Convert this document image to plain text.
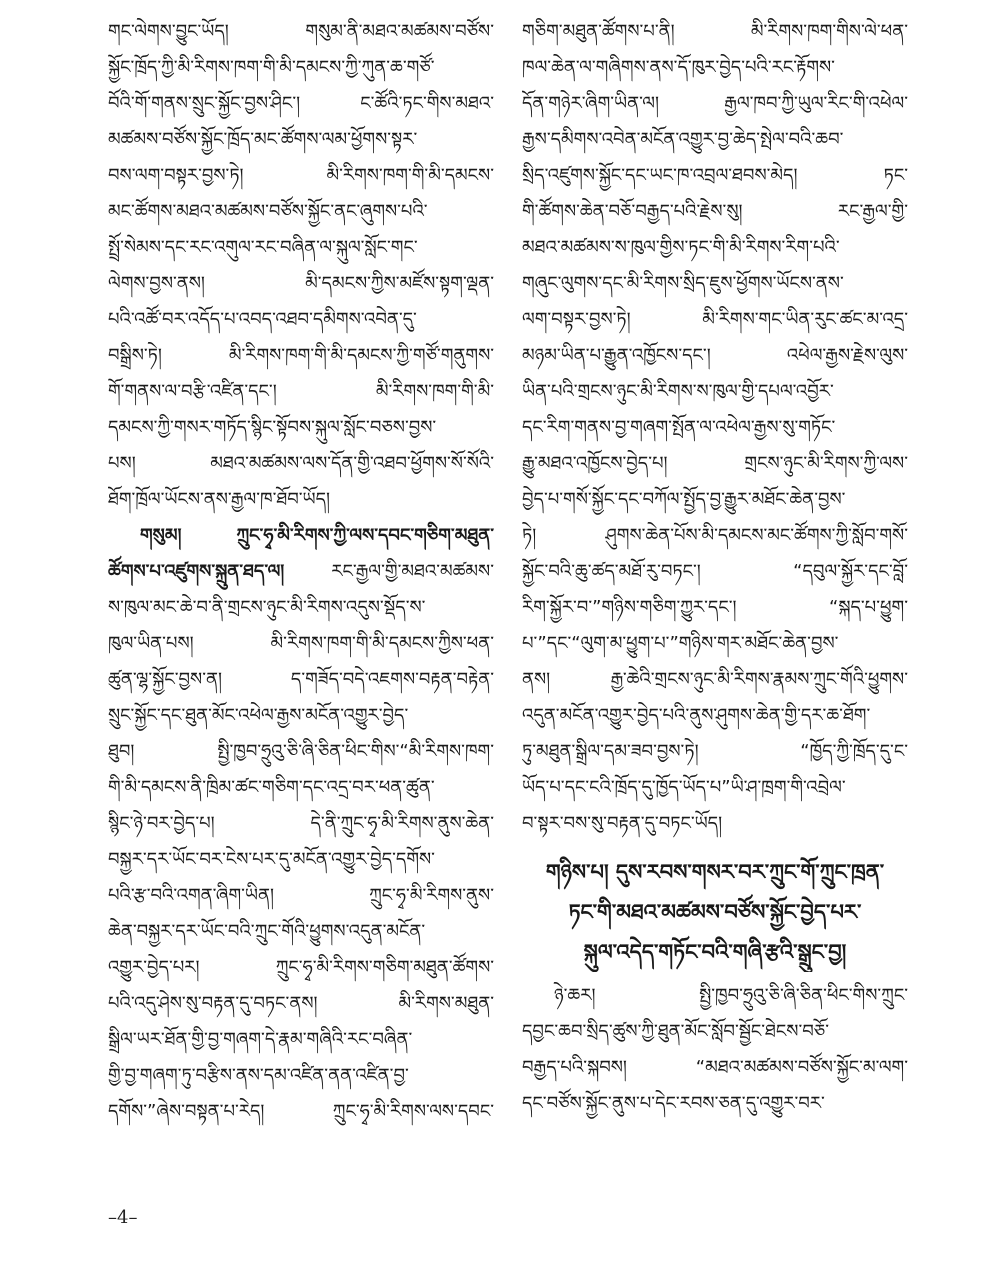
གང་ལེགས་བྱུང་ཡོད། གསུམ་ནི་མཐའ་མཚམས་བཙོས་
སྐྱོང་ཁྲོད་ཀྱི་མི་རིགས་ཁག་གི་མི་དམངས་ཀྱི་ཀུན་ཆ་གཙོ་
བོའི་གོ་གནས་སྲུང་སྐྱོང་བྱས་ཤིང་། ང་ཚོའི་ཏང་གིས་མཐའ་
མཚམས་བཙོས་སྐྱོང་ཁྲོད་མང་ཚོགས་ལམ་ཕྱོགས་སྟར་
བས་ལག་བསྟར་བྱས་ཏེ། མི་རིགས་ཁག་གི་མི་དམངས་
མང་ཚོགས་མཐའ་མཚམས་བཙོས་སྐྱོང་ནང་ཞུགས་པའི་
སྤྲོ་སེམས་དང་རང་འགུལ་རང་བཞིན་ལ་སྐུལ་སློང་གང་
ལེགས་བྱས་ནས། མི་དམངས་ཀྱིས་མཛོས་སྟག་ལྡན་
པའི་འཚོ་བར་འདོད་པ་འབད་འཐབ་དམིགས་འབེན་དུ་
བསྒྲིས་ཏེ། མི་རིགས་ཁག་གི་མི་དམངས་ཀྱི་གཙོ་གནུགས་
གོ་གནས་ལ་བརྩི་འཛིན་དང་། མི་རིགས་ཁག་གི་མི་
དམངས་ཀྱི་གསར་གཏོད་སྙིང་སྟོབས་སྐུལ་སློང་བཅས་བྱས་
པས། མཐའ་མཚམས་ལས་དོན་གྱི་འཐབ་ཕྱོགས་སོ་སོའི་
ཐོག་ཁྲོལ་ཡོངས་ནས་རྒྱལ་ཁ་ཐོབ་ཡོད།
གསུམ། ཀྲུང་ཧྭ་མི་རིགས་ཀྱི་ལས་དབང་གཅིག་མཐུན་
ཚོགས་པ་འཛུགས་སྐྲུན་ཐད་ལ། རང་རྒྱལ་གྱི་མཐའ་མཚམས་
ས་ཁུལ་མང་ཆེ་བ་ནི་གྲངས་ཉུང་མི་རིགས་འདུས་སྡོད་ས་
ཁུལ་ཡིན་པས། མི་རིགས་ཁག་གི་མི་དམངས་ཀྱིས་ཕན་
ཚུན་ལྷ་སྐྱོང་བྱས་ན། ད་གཟོད་བདེ་འཇགས་བརྟན་བརྟེན་
སྲུང་སྐྱོང་དང་ཐུན་མོང་འཕེལ་རྒྱས་མངོན་འགྱུར་བྱེད་
ཐུབ། སྤྱི་ཁྱབ་ཧྲུའུ་ཅི་ཞི་ཅིན་ཕིང་གིས་“མི་རིགས་ཁག་
གི་མི་དམངས་ནི་ཁྲིམ་ཚང་གཅིག་དང་འདྲ་བར་ཕན་ཚུན་
སྙིང་ཉེ་བར་བྱེད་པ། དེ་ནི་ཀྲུང་ཧྭ་མི་རིགས་ནུས་ཆེན་
བསྐྱར་དར་ཡོང་བར་ངེས་པར་དུ་མངོན་འགྱུར་བྱེད་དགོས་
པའི་རྩ་བའི་འགན་ཞིག་ཡིན། ཀྲུང་ཧྭ་མི་རིགས་ནུས་
ཆེན་བསྐྱར་དར་ཡོང་བའི་ཀྲུང་གོའི་ཕྱུགས་འདུན་མངོན་
འགྱུར་བྱེད་པར། ཀྲུང་ཧྭ་མི་རིགས་གཅིག་མཐུན་ཚོགས་
པའི་འདུ་ཤེས་སུ་བརྟན་དུ་བཏང་ནས། མི་རིགས་མཐུན་
སྒྲིལ་ཡར་ཐོན་གྱི་བྱ་གཞག་དེ་རྣམ་གཞིའི་རང་བཞིན་
གྱི་བྱ་གཞག་ཏུ་བརྩིས་ནས་དམ་འཛིན་ནན་འཛིན་བྱ་
དགོས་”ཞེས་བསྟན་པ་རེད། ཀྲུང་ཧྭ་མི་རིགས་ལས་དབང་
གཅིག་མཐུན་ཚོགས་པ་ནི། མི་རིགས་ཁག་གིས་ལེ་ཕན་
ཁལ་ཆེན་ལ་གཞིགས་ནས་དོ་ཁུར་བྱེད་པའི་རང་རྟོགས་
དོན་གཉེར་ཞིག་ཡིན་ལ། རྒྱལ་ཁབ་ཀྱི་ཡུལ་རིང་གི་འཕེལ་
རྒྱས་དམིགས་འབེན་མངོན་འགྱུར་བྱ་ཆེད་སྤེལ་བའི་ཆབ་
སྲིད་འཛུགས་སྐྱོང་དང་ཡང་ཁ་འབྲལ་ཐབས་མེད། ཏང་
གི་ཚོགས་ཆེན་བཅོ་བརྒྱད་པའི་རྗེས་སུ། རང་རྒྱལ་གྱི་
མཐའ་མཚམས་ས་ཁུལ་གྱིས་ཏང་གི་མི་རིགས་རིག་པའི་
གཞུང་ལུགས་དང་མི་རིགས་སྲིད་ཇུས་ཕྱོགས་ཡོངས་ནས་
ལག་བསྟར་བྱས་ཏེ། མི་རིགས་གང་ཡིན་རུང་ཚང་མ་འདྲ་
མཉམ་ཡིན་པ་རྒྱུན་འཁྱོངས་དང་། འཕེལ་རྒྱས་རྗེས་ལུས་
ཡིན་པའི་གྲངས་ཉུང་མི་རིགས་ས་ཁུལ་གྱི་དཔལ་འབྱོར་
དང་རིག་གནས་བྱ་གཞག་སྤོན་ལ་འཕེལ་རྒྱས་སུ་གཏོང་
རྒྱུ་མཐའ་འཁྱོངས་བྱེད་པ། གྲངས་ཉུང་མི་རིགས་ཀྱི་ལས་
བྱེད་པ་གསོ་སྐྱོང་དང་བཀོལ་སྤྱོད་བྱ་རྒྱུར་མཐོང་ཆེན་བྱས་
ཏེ། ཤུགས་ཆེན་པོས་མི་དམངས་མང་ཚོགས་ཀྱི་སློབ་གསོ་
སྐྱོང་བའི་ཆུ་ཚད་མཐོ་རུ་བཏང་། “དབུལ་སྐྱོར་དང་བློ་
རིག་སྐྱོར་བ་”གཉིས་གཅིག་ཀྱུར་དང་། “སྐད་པ་ཕྱུག་
པ་”དང་“ལུག་མ་ཕྱུག་པ་”གཉིས་གར་མཐོང་ཆེན་བྱས་
ནས། རྒྱ་ཆེའི་གྲངས་ཉུང་མི་རིགས་རྣམས་ཀྲུང་གོའི་ཕྱུགས་
འདུན་མངོན་འགྱུར་བྱེད་པའི་ནུས་ཤུགས་ཆེན་གྱི་དར་ཆ་ཐོག་
ཏུ་མཐུན་སྒྲིལ་དམ་ཟབ་བྱས་ཏེ། “ཁྱོད་ཀྱི་ཁྲོད་དུ་ང་
ཡོད་པ་དང་ངའི་ཁྲོད་དུ་ཁྱོད་ཡོད་པ”ཡི་ཤ་ཁྲག་གི་འབྲེལ་
བ་སྟར་བས་སུ་བརྟན་དུ་བཏང་ཡོད།
གཉིས་པ། དུས་རབས་གསར་བར་ཀྲུང་གོ་ཀྲུང་ཁྲན་
ཏང་གི་མཐའ་མཚམས་བཙོས་སྐྱོང་བྱེད་པར་
སྐུལ་འདེད་གཏོང་བའི་གཞི་རྩའི་སྒྲུང་བྱ།
ཉེ་ཆར། སྤྱི་ཁྱབ་ཧྲུའུ་ཅི་ཞི་ཅིན་ཕིང་གིས་ཀྲུང་
དབྱང་ཆབ་སྲིད་ཚུས་ཀྱི་ཐུན་མོང་སློབ་སྦྱོང་ཐེངས་བཅོ་
བརྒྱད་པའི་སྐབས། “མཐའ་མཚམས་བཙོས་སྐྱོང་མ་ལག་
དང་བཙོས་སྐྱོང་ནུས་པ་དེང་རབས་ཅན་དུ་འགྱུར་བར་
–4–
